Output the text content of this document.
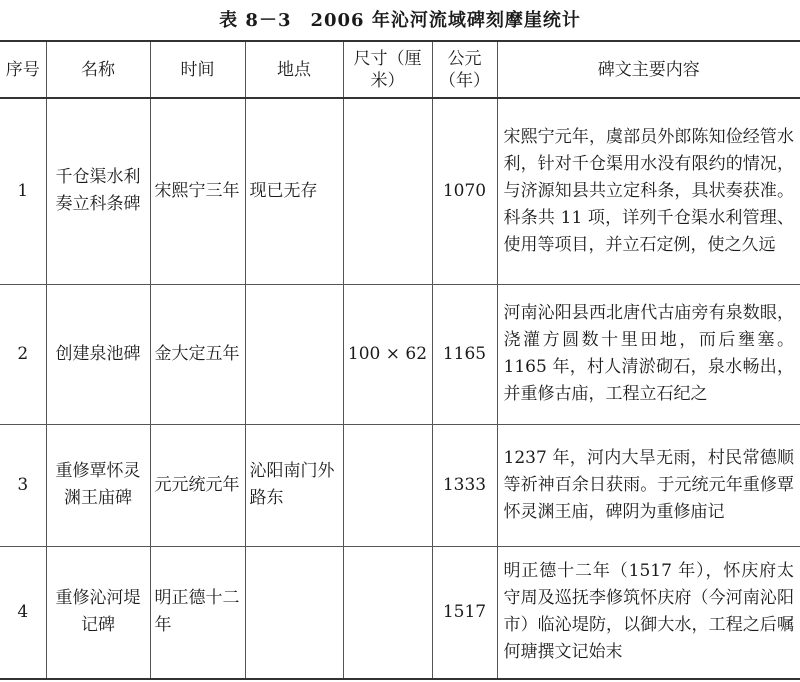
表 8－3　2006 年沁河流域碑刻摩崖统计
序号	名称	时间	地点	尺寸（厘米）	公元（年）	碑文主要内容
1	千仓渠水利奏立科条碑	宋熙宁三年	现已无存		1070	宋熙宁元年，虞部员外郎陈知俭经管水利，针对千仓渠用水没有限约的情况，与济源知县共立定科条，具状奏获准。科条共 11 项，详列千仓渠水利管理、使用等项目，并立石定例，使之久远
2	创建泉池碑	金大定五年		100 × 62	1165	河南沁阳县西北唐代古庙旁有泉数眼，浇灌方圆数十里田地，而后壅塞。1165 年，村人清淤砌石，泉水畅出，并重修古庙，工程立石纪之
3	重修覃怀灵渊王庙碑	元元统元年	沁阳南门外路东		1333	1237 年，河内大旱无雨，村民常德顺等祈神百余日获雨。于元统元年重修覃怀灵渊王庙，碑阴为重修庙记
4	重修沁河堤记碑	明正德十二年			1517	明正德十二年（1517 年），怀庆府太守周及巡抚李修筑怀庆府（今河南沁阳市）临沁堤防，以御大水，工程之后嘱何瑭撰文记始末
